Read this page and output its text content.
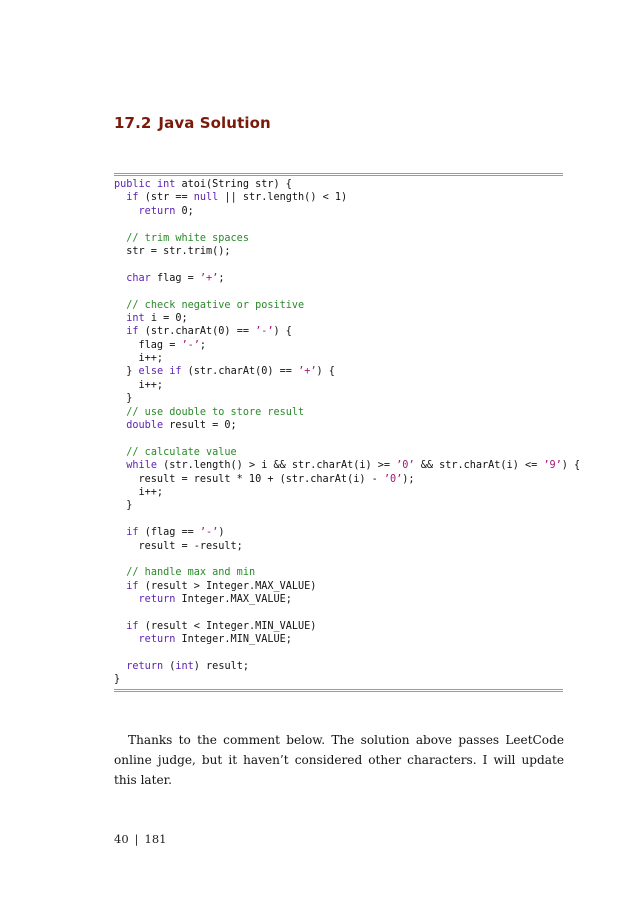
17.2 Java Solution
public int atoi(String str) {
if (str == null || str.length() < 1)
return 0;
// trim white spaces
str = str.trim();
char flag = ’+’;
// check negative or positive
int i = 0;
if (str.charAt(0) == ’-’) {
flag = ’-’;
i++;
} else if (str.charAt(0) == ’+’) {
i++;
}
// use double to store result
double result = 0;
// calculate value
while (str.length() > i && str.charAt(i) >= ’0’ && str.charAt(i) <= ’9’) {
result = result * 10 + (str.charAt(i) - ’0’);
i++;
}
if (flag == ’-’)
result = -result;
// handle max and min
if (result > Integer.MAX_VALUE)
return Integer.MAX_VALUE;
if (result < Integer.MIN_VALUE)
return Integer.MIN_VALUE;
return (int) result;
}

Thanks to the comment below. The solution above passes LeetCode online judge, but it haven’t considered other characters. I will update this later.

40 | 181
